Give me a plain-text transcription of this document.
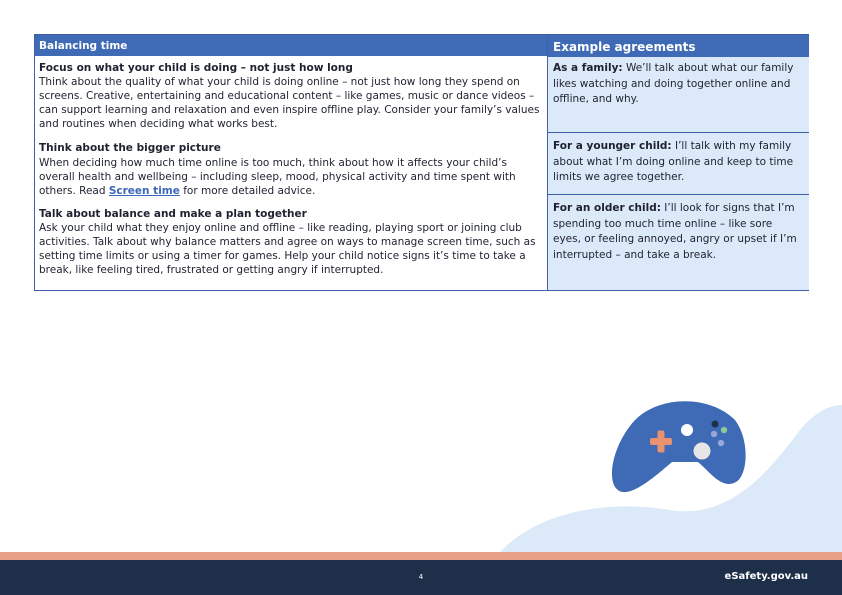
Balancing time
Focus on what your child is doing – not just how long

Think about the quality of what your child is doing online – not just how long they spend on screens. Creative, entertaining and educational content – like games, music or dance videos – can support learning and relaxation and even inspire offline play. Consider your family’s values and routines when deciding what works best.

Think about the bigger picture

When deciding how much time online is too much, think about how it affects your child’s overall health and wellbeing – including sleep, mood, physical activity and time spent with others. Read Screen time for more detailed advice.

Talk about balance and make a plan together

Ask your child what they enjoy online and offline – like reading, playing sport or joining club activities. Talk about why balance matters and agree on ways to manage screen time, such as setting time limits or using a timer for games. Help your child notice signs it’s time to take a break, like feeling tired, frustrated or getting angry if interrupted.

Example agreements
As a family: We’ll talk about what our family likes watching and doing together online and offline, and why.
For a younger child: I’ll talk with my family about what I’m doing online and keep to time limits we agree together.
For an older child: I’ll look for signs that I’m spending too much time online – like sore eyes, or feeling annoyed, angry or upset if I’m interrupted – and take a break.
4	eSafety.gov.au
